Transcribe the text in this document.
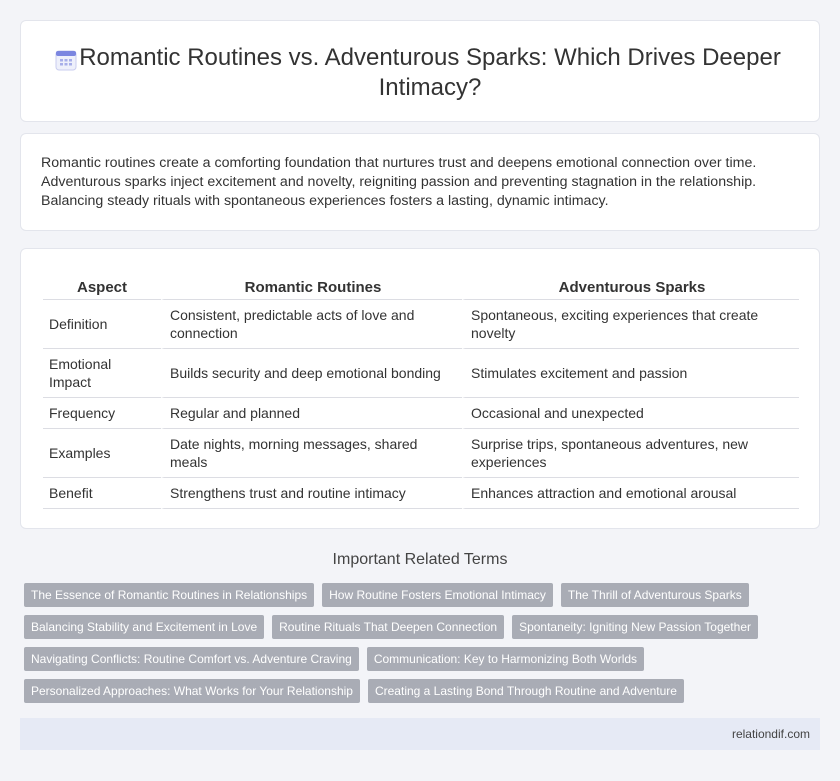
Romantic Routines vs. Adventurous Sparks: Which Drives Deeper Intimacy?

Romantic routines create a comforting foundation that nurtures trust and deepens emotional connection over time. Adventurous sparks inject excitement and novelty, reigniting passion and preventing stagnation in the relationship. Balancing steady rituals with spontaneous experiences fosters a lasting, dynamic intimacy.

Aspect	Romantic Routines	Adventurous Sparks
Definition	Consistent, predictable acts of love and connection	Spontaneous, exciting experiences that create novelty
Emotional Impact	Builds security and deep emotional bonding	Stimulates excitement and passion
Frequency	Regular and planned	Occasional and unexpected
Examples	Date nights, morning messages, shared meals	Surprise trips, spontaneous adventures, new experiences
Benefit	Strengthens trust and routine intimacy	Enhances attraction and emotional arousal
Important Related Terms
The Essence of Romantic Routines in Relationships	How Routine Fosters Emotional Intimacy	The Thrill of Adventurous Sparks
Balancing Stability and Excitement in Love	Routine Rituals That Deepen Connection	Spontaneity: Igniting New Passion Together
Navigating Conflicts: Routine Comfort vs. Adventure Craving	Communication: Key to Harmonizing Both Worlds
Personalized Approaches: What Works for Your Relationship	Creating a Lasting Bond Through Routine and Adventure
relationdif.com
